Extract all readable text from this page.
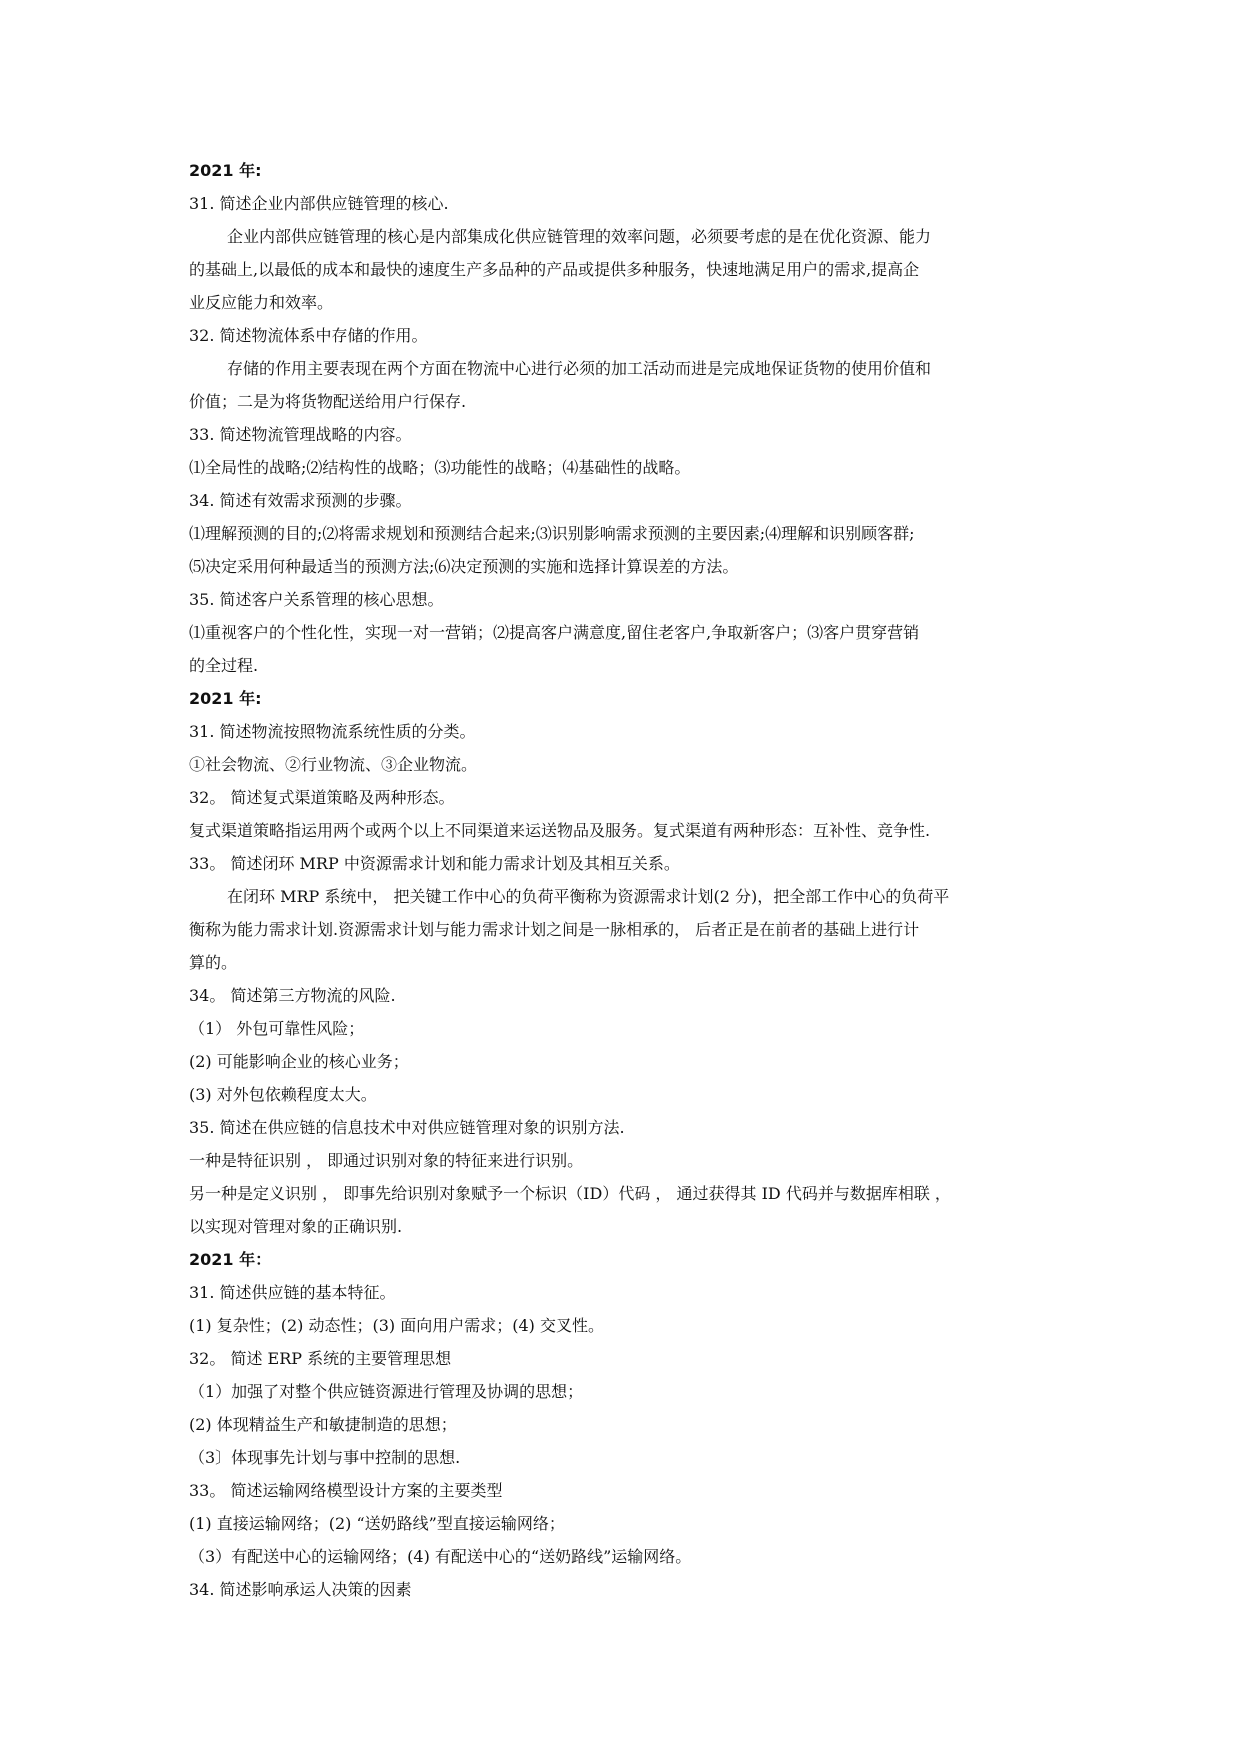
2021 年:
31. 简述企业内部供应链管理的核心.
企业内部供应链管理的核心是内部集成化供应链管理的效率问题，必须要考虑的是在优化资源、能力
的基础上,以最低的成本和最快的速度生产多品种的产品或提供多种服务，快速地满足用户的需求,提高企
业反应能力和效率。
32. 简述物流体系中存储的作用。
存储的作用主要表现在两个方面在物流中心进行必须的加工活动而进是完成地保证货物的使用价值和
价值；二是为将货物配送给用户行保存.
33. 简述物流管理战略的内容。
⑴全局性的战略;⑵结构性的战略；⑶功能性的战略；⑷基础性的战略。
34. 简述有效需求预测的步骤。
⑴理解预测的目的;⑵将需求规划和预测结合起来;⑶识别影响需求预测的主要因素;⑷理解和识别顾客群;
⑸决定采用何种最适当的预测方法;⑹决定预测的实施和选择计算误差的方法。
35. 简述客户关系管理的核心思想。
⑴重视客户的个性化性，实现一对一营销；⑵提高客户满意度,留住老客户,争取新客户；⑶客户贯穿营销
的全过程.
2021 年:
31. 简述物流按照物流系统性质的分类。
①社会物流、②行业物流、③企业物流。
32。 简述复式渠道策略及两种形态。
复式渠道策略指运用两个或两个以上不同渠道来运送物品及服务。复式渠道有两种形态：互补性、竞争性.
33。 简述闭环 MRP 中资源需求计划和能力需求计划及其相互关系。
在闭环 MRP 系统中， 把关键工作中心的负荷平衡称为资源需求计划(2 分)，把全部工作中心的负荷平
衡称为能力需求计划.资源需求计划与能力需求计划之间是一脉相承的， 后者正是在前者的基础上进行计
算的。
34。 简述第三方物流的风险.
（1） 外包可靠性风险；
(2) 可能影响企业的核心业务；
(3) 对外包依赖程度太大。
35. 简述在供应链的信息技术中对供应链管理对象的识别方法.
一种是特征识别 ， 即通过识别对象的特征来进行识别。
另一种是定义识别 ， 即事先给识别对象赋予一个标识（ID）代码 ， 通过获得其 ID 代码并与数据库相联 ，
以实现对管理对象的正确识别.
2021 年：
31. 简述供应链的基本特征。
(1) 复杂性；(2) 动态性；(3) 面向用户需求；(4) 交叉性。
32。 简述 ERP 系统的主要管理思想
（1）加强了对整个供应链资源进行管理及协调的思想；
(2) 体现精益生产和敏捷制造的思想；
（3〕体现事先计划与事中控制的思想.
33。 简述运输网络模型设计方案的主要类型
(1) 直接运输网络；(2) “送奶路线”型直接运输网络；
（3）有配送中心的运输网络；(4) 有配送中心的“送奶路线”运输网络。
34. 简述影响承运人决策的因素
